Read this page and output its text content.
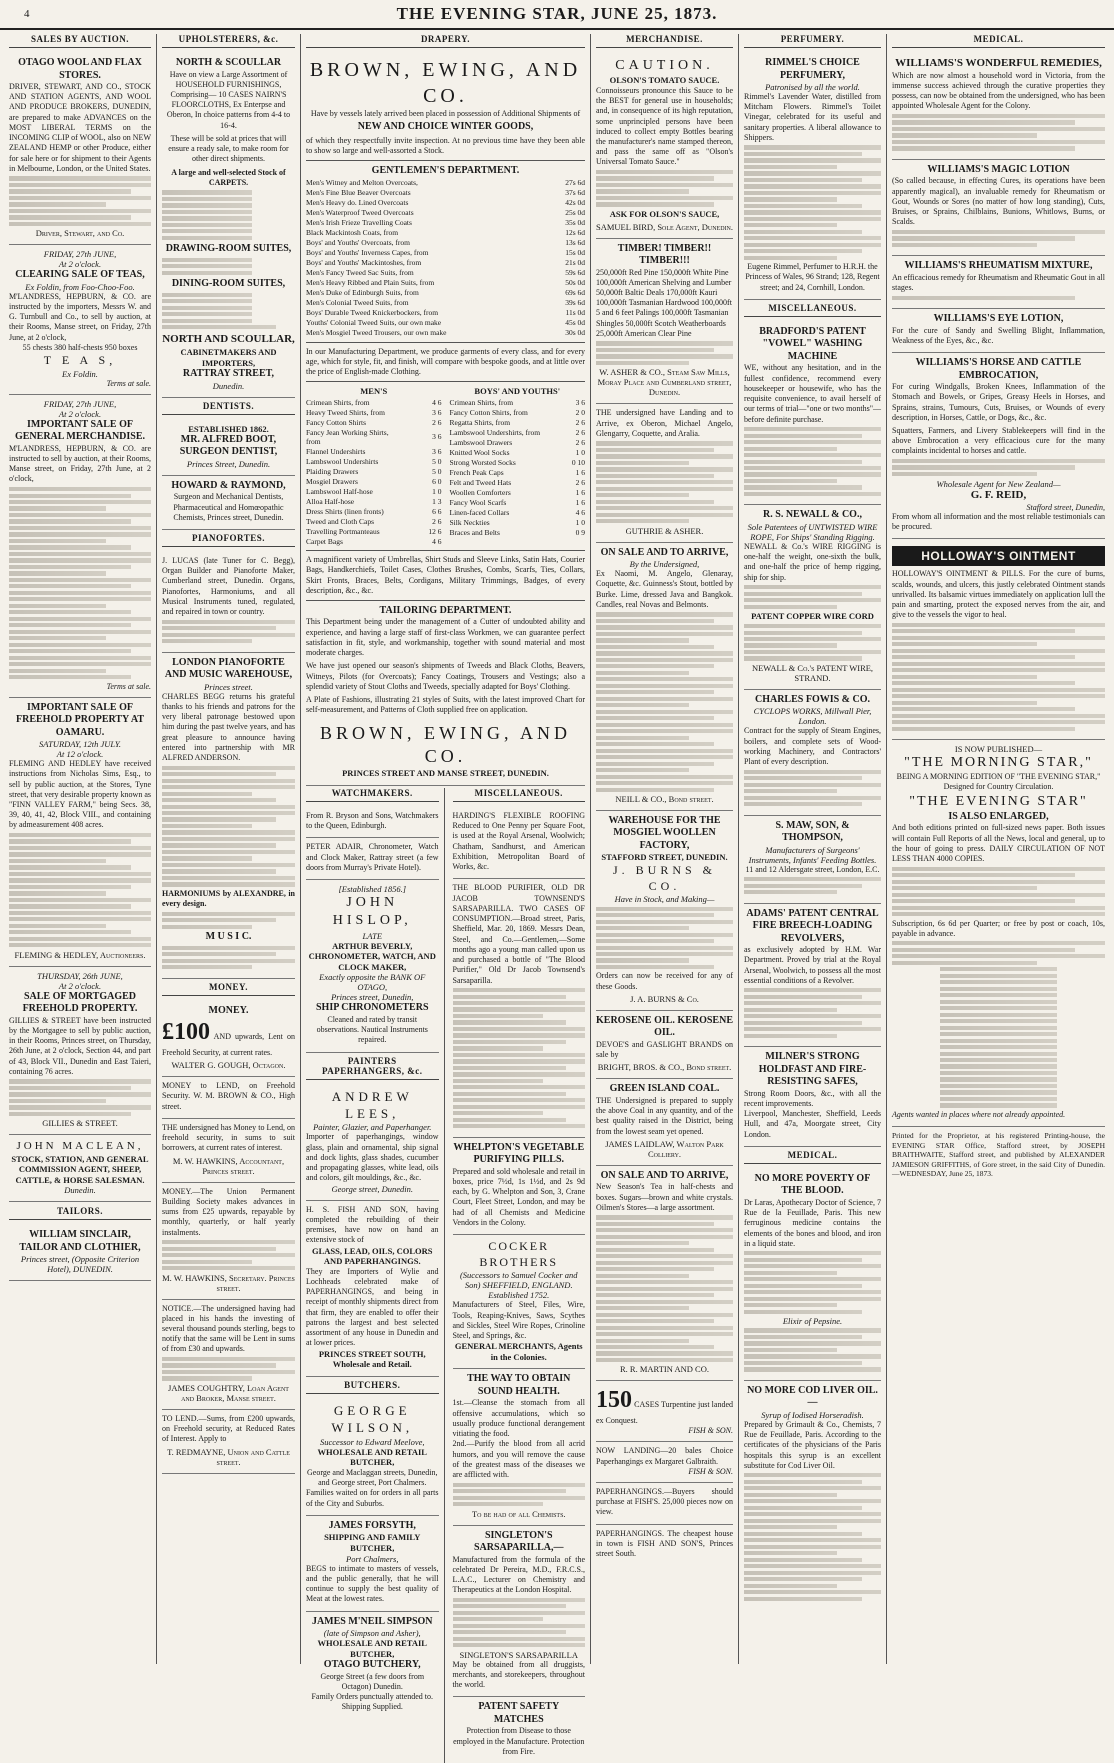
4	THE EVENING STAR, JUNE 25, 1873.
SALES BY AUCTION.
OTAGO WOOL AND FLAX STORES.

DRIVER, STEWART, AND CO., STOCK AND STATION AGENTS, AND WOOL AND PRODUCE BROKERS, DUNEDIN, are prepared to make ADVANCES on the MOST LIBERAL TERMS on the INCOMING CLIP of WOOL, also on NEW ZEALAND HEMP or other Produce, either for sale here or for shipment to their Agents in Melbourne, London, or the United States.

Driver, Stewart, and Co.
FRIDAY, 27th JUNE,
At 2 o'clock.
CLEARING SALE OF TEAS,
Ex Foldin, from Foo-Choo-Foo.

M'LANDRESS, HEPBURN, & CO. are instructed by the importers, Messrs W. and G. Turnbull and Co., to sell by auction, at their Rooms, Manse street, on Friday, 27th June, at 2 o'clock,

55 chests 380 half-chests 950 boxes

T E A S,
Ex Foldin.
Terms at sale.
FRIDAY, 27th JUNE,
At 2 o'clock.
IMPORTANT SALE OF GENERAL MERCHANDISE.

M'LANDRESS, HEPBURN, & CO. are instructed to sell by auction, at their Rooms, Manse street, on Friday, 27th June, at 2 o'clock,

Terms at sale.
IMPORTANT SALE OF FREEHOLD PROPERTY AT OAMARU.
SATURDAY, 12th JULY.
At 12 o'clock.

FLEMING AND HEDLEY have received instructions from Nicholas Sims, Esq., to sell by public auction, at the Stores, Tyne street, that very desirable property known as "FINN VALLEY FARM," being Secs. 38, 39, 40, 41, 42, Block VIII., and containing by admeasurement 408 acres.

FLEMING & HEDLEY, Auctioneers.
THURSDAY, 26th JUNE,
At 2 o'clock.
SALE OF MORTGAGED FREEHOLD PROPERTY.

GILLIES & STREET have been instructed by the Mortgagee to sell by public auction, in their Rooms, Princes street, on Thursday, 26th June, at 2 o'clock, Section 44, and part of 43, Block VII., Dunedin and East Taieri, containing 76 acres.

GILLIES & STREET.
JOHN MACLEAN,
STOCK, STATION, AND GENERAL COMMISSION AGENT, SHEEP, CATTLE, & HORSE SALESMAN.
Dunedin.
TAILORS.
WILLIAM SINCLAIR, TAILOR AND CLOTHIER,
Princes street, (Opposite Criterion Hotel), DUNEDIN.
UPHOLSTERERS, &c.
NORTH & SCOULLAR

Have on view a Large Assortment of HOUSEHOLD FURNISHINGS, Comprising— 10 CASES NAIRN'S FLOORCLOTHS, Ex Enterpse and Oberon, In choice patterns from 4-4 to 16-4.

These will be sold at prices that will ensure a ready sale, to make room for other direct shipments.

A large and well-selected Stock of CARPETS.

DRAWING-ROOM SUITES,
DINING-ROOM SUITES,
NORTH AND SCOULLAR,
CABINETMAKERS AND IMPORTERS,
RATTRAY STREET,
Dunedin.
DENTISTS.
ESTABLISHED 1862.
MR. ALFRED BOOT, SURGEON DENTIST,
Princes Street, Dunedin.
HOWARD & RAYMOND,

Surgeon and Mechanical Dentists, Pharmaceutical and Homœopathic Chemists, Princes street, Dunedin.

PIANOFORTES.

J. LUCAS (late Tuner for C. Begg), Organ Builder and Pianoforte Maker, Cumberland street, Dunedin. Organs, Pianofortes, Harmoniums, and all Musical Instruments tuned, regulated, and repaired in town or country.

LONDON PIANOFORTE AND MUSIC WAREHOUSE,
Princes street.

CHARLES BEGG returns his grateful thanks to his friends and patrons for the very liberal patronage bestowed upon him during the past twelve years, and has great pleasure to announce having entered into partnership with MR ALFRED ANDERSON.

HARMONIUMS by ALEXANDRE, in every design.

M U S I C.
MONEY.
MONEY.

£100 AND upwards, Lent on Freehold Security, at current rates.

WALTER G. GOUGH, Octagon.

MONEY to LEND, on Freehold Security. W. M. BROWN & CO., High street.

THE undersigned has Money to Lend, on freehold security, in sums to suit borrowers, at current rates of interest.

M. W. HAWKINS, Accountant, Princes street.

MONEY.—The Union Permanent Building Society makes advances in sums from £25 upwards, repayable by monthly, quarterly, or half yearly instalments.

M. W. HAWKINS, Secretary. Princes street.

NOTICE.—The undersigned having had placed in his hands the investing of several thousand pounds sterling, begs to notify that the same will be Lent in sums of from £30 and upwards.

JAMES COUGHTRY, Loan Agent and Broker, Manse street.

TO LEND.—Sums, from £200 upwards, on Freehold security, at Reduced Rates of Interest. Apply to

T. REDMAYNE, Union and Cattle street.
DRAPERY.
BROWN, EWING, AND CO.

Have by vessels lately arrived been placed in possession of Additional Shipments of

NEW AND CHOICE WINTER GOODS,

of which they respectfully invite inspection. At no previous time have they been able to show so large and well-assorted a Stock.

GENTLEMEN'S DEPARTMENT.
Men's Witney and Melton Overcoats,	27s 6d
Men's Fine Blue Beaver Overcoats	37s 6d
Men's Heavy do. Lined Overcoats	42s 0d
Men's Waterproof Tweed Overcoats	25s 0d
Men's Irish Frieze Travelling Coats	35s 0d
Black Mackintosh Coats, from	12s 6d
Boys' and Youths' Overcoats, from	13s 6d
Boys' and Youths' Inverness Capes, from	15s 0d
Boys' and Youths' Mackintoshes, from	21s 0d
Men's Fancy Tweed Sac Suits, from	59s 6d
Men's Heavy Ribbed and Plain Suits, from	50s 0d
Men's Duke of Edinburgh Suits, from	69s 6d
Men's Colonial Tweed Suits, from	39s 6d
Boys' Durable Tweed Knickerbockers, from	11s 0d
Youths' Colonial Tweed Suits, our own make	45s 0d
Men's Mosgiel Tweed Trousers, our own make	30s 0d

In our Manufacturing Department, we produce garments of every class, and for every age, which for style, fit, and finish, will compare with bespoke goods, and at little over the price of English-made Clothing.

MEN'S
Crimean Shirts, from	4 6
Heavy Tweed Shirts, from	3 6
Fancy Cotton Shirts	2 6
Fancy Jean Working Shirts, from	3 6
Flannel Undershirts	3 6
Lambswool Undershirts	5 0
Plaiding Drawers	5 0
Mosgiel Drawers	6 0
Lambswool Half-hose	1 0
Alloa Half-hose	1 3
Dress Shirts (linen fronts)	6 6
Tweed and Cloth Caps	2 6
Travelling Portmanteaus	12 6
Carpet Bags	4 6
BOYS' AND YOUTHS'
Crimean Shirts, from	3 6
Fancy Cotton Shirts, from	2 0
Regatta Shirts, from	2 6
Lambswool Undershirts, from	2 6
Lambswool Drawers	2 6
Knitted Wool Socks	1 0
Strong Worsted Socks	0 10
French Peak Caps	1 6
Felt and Tweed Hats	2 6
Woollen Comforters	1 6
Fancy Wool Scarfs	1 6
Linen-faced Collars	4 6
Silk Neckties	1 0
Braces and Belts	0 9

A magnificent variety of Umbrellas, Shirt Studs and Sleeve Links, Satin Hats, Courier Bags, Handkerchiefs, Toilet Cases, Clothes Brushes, Combs, Scarfs, Ties, Collars, Skirt Fronts, Braces, Belts, Cordigans, Military Trimmings, Badges, of every description, &c., &c.

TAILORING DEPARTMENT.

This Department being under the management of a Cutter of undoubted ability and experience, and having a large staff of first-class Workmen, we can guarantee perfect satisfaction in fit, style, and workmanship, together with sound material and most moderate charges.

We have just opened our season's shipments of Tweeds and Black Cloths, Beavers, Witneys, Pilots (for Overcoats); Fancy Coatings, Trousers and Vestings; also a splendid variety of Stout Cloths and Tweeds, specially adapted for Boys' Clothing.

A Plate of Fashions, illustrating 21 styles of Suits, with the latest improved Chart for self-measurement, and Patterns of Cloth supplied free on application.

BROWN, EWING, AND CO.
PRINCES STREET AND MANSE STREET, DUNEDIN.
WATCHMAKERS.

From R. Bryson and Sons, Watchmakers to the Queen, Edinburgh.

PETER ADAIR, Chronometer, Watch and Clock Maker, Rattray street (a few doors from Murray's Private Hotel).

[Established 1856.]
JOHN HISLOP,
LATE
ARTHUR BEVERLY, CHRONOMETER, WATCH, AND CLOCK MAKER,
Exactly opposite the BANK OF OTAGO,
Princes street, Dunedin,
SHIP CHRONOMETERS

Cleaned and rated by transit observations. Nautical Instruments repaired.

PAINTERS PAPERHANGERS, &c.
ANDREW LEES,
Painter, Glazier, and Paperhanger.

Importer of paperhangings, window glass, plain and ornamental, ship signal and dock lights, glass shades, cucumber and propagating glasses, white lead, oils and colors, gilt mouldings, &c., &c.

George street, Dunedin.

H. S. FISH AND SON, having completed the rebuilding of their premises, have now on hand an extensive stock of

GLASS, LEAD, OILS, COLORS AND PAPERHANGINGS.

They are Importers of Wylie and Lochheads celebrated make of PAPERHANGINGS, and being in receipt of monthly shipments direct from that firm, they are enabled to offer their patrons the largest and best selected assortment of any house in Dunedin and at lower prices.

PRINCES STREET SOUTH, Wholesale and Retail.
BUTCHERS.
GEORGE WILSON,
Successor to Edward Meelove,
WHOLESALE AND RETAIL BUTCHER,

George and Maclaggan streets, Dunedin, and George street, Port Chalmers.

Families waited on for orders in all parts of the City and Suburbs.

JAMES FORSYTH,
SHIPPING AND FAMILY BUTCHER,
Port Chalmers,

BEGS to intimate to masters of vessels, and the public generally, that he will continue to supply the best quality of Meat at the lowest rates.

JAMES M'NEIL SIMPSON
(late of Simpson and Asher),
WHOLESALE AND RETAIL BUTCHER,
OTAGO BUTCHERY,

George Street (a few doors from Octagon) Dunedin.

Family Orders punctually attended to. Shipping Supplied.

MISCELLANEOUS.

HARDING'S FLEXIBLE ROOFING Reduced to One Penny per Square Foot, is used at the Royal Arsenal, Woolwich; Chatham, Sandhurst, and American Exhibition, Metropolitan Board of Works, &c.

THE BLOOD PURIFIER, OLD DR JACOB TOWNSEND'S SARSAPARILLA. TWO CASES OF CONSUMPTION.—Broad street, Paris, Sheffield, Mar. 20, 1869. Messrs Dean, Steel, and Co.—Gentlemen,—Some months ago a young man called upon us and purchased a bottle of "The Blood Purifier," Old Dr Jacob Townsend's Sarsaparilla.

WHELPTON'S VEGETABLE PURIFYING PILLS.

Prepared and sold wholesale and retail in boxes, price 7½d, 1s 1½d, and 2s 9d each, by G. Whelpton and Son, 3, Crane Court, Fleet Street, London, and may be had of all Chemists and Medicine Vendors in the Colony.

COCKER BROTHERS
(Successors to Samuel Cocker and Son) SHEFFIELD, ENGLAND. Established 1752.

Manufacturers of Steel, Files, Wire, Tools, Reaping-Knives, Saws, Scythes and Sickles, Steel Wire Ropes, Crinoline Steel, and Springs, &c.

GENERAL MERCHANTS, Agents in the Colonies.
THE WAY TO OBTAIN SOUND HEALTH.

1st.—Cleanse the stomach from all offensive accumulations, which so usually produce functional derangement vitiating the food.

2nd.—Purify the blood from all acrid humors, and you will remove the cause of the greatest mass of the diseases we are afflicted with.

To be had of all Chemists.
SINGLETON'S SARSAPARILLA,—

Manufactured from the formula of the celebrated Dr Pereira, M.D., F.R.C.S., L.A.C., Lecturer on Chemistry and Therapeutics at the London Hospital.

SINGLETON'S SARSAPARILLA

May be obtained from all druggists, merchants, and storekeepers, throughout the world.

PATENT SAFETY MATCHES

Protection from Disease to those employed in the Manufacture. Protection from Fire.

MERCHANDISE.
CAUTION.
OLSON'S TOMATO SAUCE.

Connoisseurs pronounce this Sauce to be the BEST for general use in households; and, in consequence of its high reputation, some unprincipled persons have been induced to collect empty Bottles bearing the manufacturer's name stamped thereon, and pass the same off as "Olson's Universal Tomato Sauce."

ASK FOR OLSON'S SAUCE,
SAMUEL BIRD, Sole Agent, Dunedin.
TIMBER! TIMBER!! TIMBER!!!

250,000ft Red Pine 150,000ft White Pine 100,000ft American Shelving and Lumber 50,000ft Baltic Deals 170,000ft Kauri 100,000ft Tasmanian Hardwood 100,000ft 5 and 6 feet Palings 100,000ft Tasmanian Shingles 50,000ft Scotch Weatherboards 25,000ft American Clear Pine

W. ASHER & CO., Steam Saw Mills, Moray Place and Cumberland street, Dunedin.

THE undersigned have Landing and to Arrive, ex Oberon, Michael Angelo, Glengarry, Coquette, and Aralia.

GUTHRIE & ASHER.
ON SALE AND TO ARRIVE,
By the Undersigned,

Ex Naomi, M. Angelo, Glenaray, Coquette, &c. Guinness's Stout, bottled by Burke. Lime, dressed Java and Bangkok. Candles, real Novas and Belmonts.

NEILL & CO., Bond street.
WAREHOUSE FOR THE MOSGIEL WOOLLEN FACTORY,
STAFFORD STREET, DUNEDIN.
J. BURNS & CO.
Have in Stock, and Making—

Orders can now be received for any of these Goods.

J. A. BURNS & Co.
KEROSENE OIL. KEROSENE OIL.

DEVOE'S and GASLIGHT BRANDS on sale by

BRIGHT, BROS. & CO., Bond street.
GREEN ISLAND COAL.

THE Undersigned is prepared to supply the above Coal in any quantity, and of the best quality raised in the District, being from the lowest seam yet opened.

JAMES LAIDLAW, Walton Park Colliery.
ON SALE AND TO ARRIVE,

New Season's Tea in half-chests and boxes. Sugars—brown and white crystals. Oilmen's Stores—a large assortment.

R. R. MARTIN AND CO.

150 CASES Turpentine just landed ex Conquest.

FISH & SON.

NOW LANDING—20 bales Choice Paperhangings ex Margaret Galbraith.

FISH & SON.

PAPERHANGINGS.—Buyers should purchase at FISH'S. 25,000 pieces now on view.

PAPERHANGINGS. The cheapest house in town is FISH AND SON'S, Princes street South.

PERFUMERY.
RIMMEL'S CHOICE PERFUMERY,
Patronised by all the world.

Rimmel's Lavender Water, distilled from Mitcham Flowers. Rimmel's Toilet Vinegar, celebrated for its useful and sanitary properties. A liberal allowance to Shippers.

Eugene Rimmel, Perfumer to H.R.H. the Princess of Wales, 96 Strand; 128, Regent street; and 24, Cornhill, London.

MISCELLANEOUS.
BRADFORD'S PATENT "VOWEL" WASHING MACHINE

WE, without any hesitation, and in the fullest confidence, recommend every housekeeper or housewife, who has the requisite convenience, to avail herself of our terms of trial—"one or two months"—before definite purchase.

R. S. NEWALL & CO.,
Sole Patentees of UNTWISTED WIRE ROPE, For Ships' Standing Rigging.

NEWALL & Co.'s WIRE RIGGING is one-half the weight, one-sixth the bulk, and one-half the price of hemp rigging, ship for ship.

PATENT COPPER WIRE CORD
NEWALL & Co.'s PATENT WIRE, STRAND.
CHARLES FOWIS & CO.
CYCLOPS WORKS, Millwall Pier, London.

Contract for the supply of Steam Engines, boilers, and complete sets of Wood-working Machinery, and Contractors' Plant of every description.

S. MAW, SON, & THOMPSON,
Manufacturers of Surgeons' Instruments, Infants' Feeding Bottles.

11 and 12 Aldersgate street, London, E.C.

ADAMS' PATENT CENTRAL FIRE BREECH-LOADING REVOLVERS,

as exclusively adopted by H.M. War Department. Proved by trial at the Royal Arsenal, Woolwich, to possess all the most essential conditions of a Revolver.

MILNER'S STRONG HOLDFAST AND FIRE-RESISTING SAFES,

Strong Room Doors, &c., with all the recent improvements.

Liverpool, Manchester, Sheffield, Leeds Hull, and 47a, Moorgate street, City London.

MEDICAL.
NO MORE POVERTY OF THE BLOOD.

Dr Laras, Apothecary Doctor of Science, 7 Rue de la Feuillade, Paris. This new ferruginous medicine contains the elements of the bones and blood, and iron in a liquid state.

Elixir of Pepsine.
NO MORE COD LIVER OIL.—
Syrup of Iodised Horseradish.

Prepared by Grimault & Co., Chemists, 7 Rue de Feuillade, Paris. According to the certificates of the physicians of the Paris hospitals this syrup is an excellent substitute for Cod Liver Oil.

MEDICAL.
WILLIAMS'S WONDERFUL REMEDIES,

Which are now almost a household word in Victoria, from the immense success achieved through the curative properties they possess, can now be obtained from the undersigned, who has been appointed Wholesale Agent for the Colony.

WILLIAMS'S MAGIC LOTION

(So called because, in effecting Cures, its operations have been apparently magical), an invaluable remedy for Rheumatism or Gout, Wounds or Sores (no matter of how long standing), Cuts, Bruises, or Sprains, Chilblains, Bunions, Whitlows, Burns, or Scalds.

WILLIAMS'S RHEUMATISM MIXTURE,

An efficacious remedy for Rheumatism and Rheumatic Gout in all stages.

WILLIAMS'S EYE LOTION,

For the cure of Sandy and Swelling Blight, Inflammation, Weakness of the Eyes, &c., &c.

WILLIAMS'S HORSE AND CATTLE EMBROCATION,

For curing Windgalls, Broken Knees, Inflammation of the Stomach and Bowels, or Gripes, Greasy Heels in Horses, and Sprains, strains, Tumours, Cuts, Bruises, or Wounds of every description, in Horses, Cattle, or Dogs, &c., &c.

Squatters, Farmers, and Livery Stablekeepers will find in the above Embrocation a very efficacious cure for the many complaints incidental to horses and cattle.

Wholesale Agent for New Zealand—
G. F. REID,
Stafford street, Dunedin,

From whom all information and the most reliable testimonials can be procured.

HOLLOWAY'S OINTMENT

HOLLOWAY'S OINTMENT & PILLS. For the cure of burns, scalds, wounds, and ulcers, this justly celebrated Ointment stands unrivalled. Its balsamic virtues immediately on application lull the pain and smarting, protect the exposed nerves from the air, and give to the vessels the vigor to heal.

IS NOW PUBLISHED—
"THE MORNING STAR,"

BEING A MORNING EDITION OF "THE EVENING STAR," Designed for Country Circulation.

"THE EVENING STAR"
IS ALSO ENLARGED,

And both editions printed on full-sized news paper. Both issues will contain Full Reports of all the News, local and general, up to the hour of going to press. DAILY CIRCULATION OF NOT LESS THAN 4000 COPIES.

Subscription, 6s 6d per Quarter; or free by post or coach, 10s, payable in advance.

Agents wanted in places where not already appointed.

Printed for the Proprietor, at his registered Printing-house, the EVENING STAR Office, Stafford street, by JOSEPH BRAITHWAITE, Stafford street, and published by ALEXANDER JAMIESON GRIFFITHS, of Gore street, in the said City of Dunedin.—WEDNESDAY, June 25, 1873.
